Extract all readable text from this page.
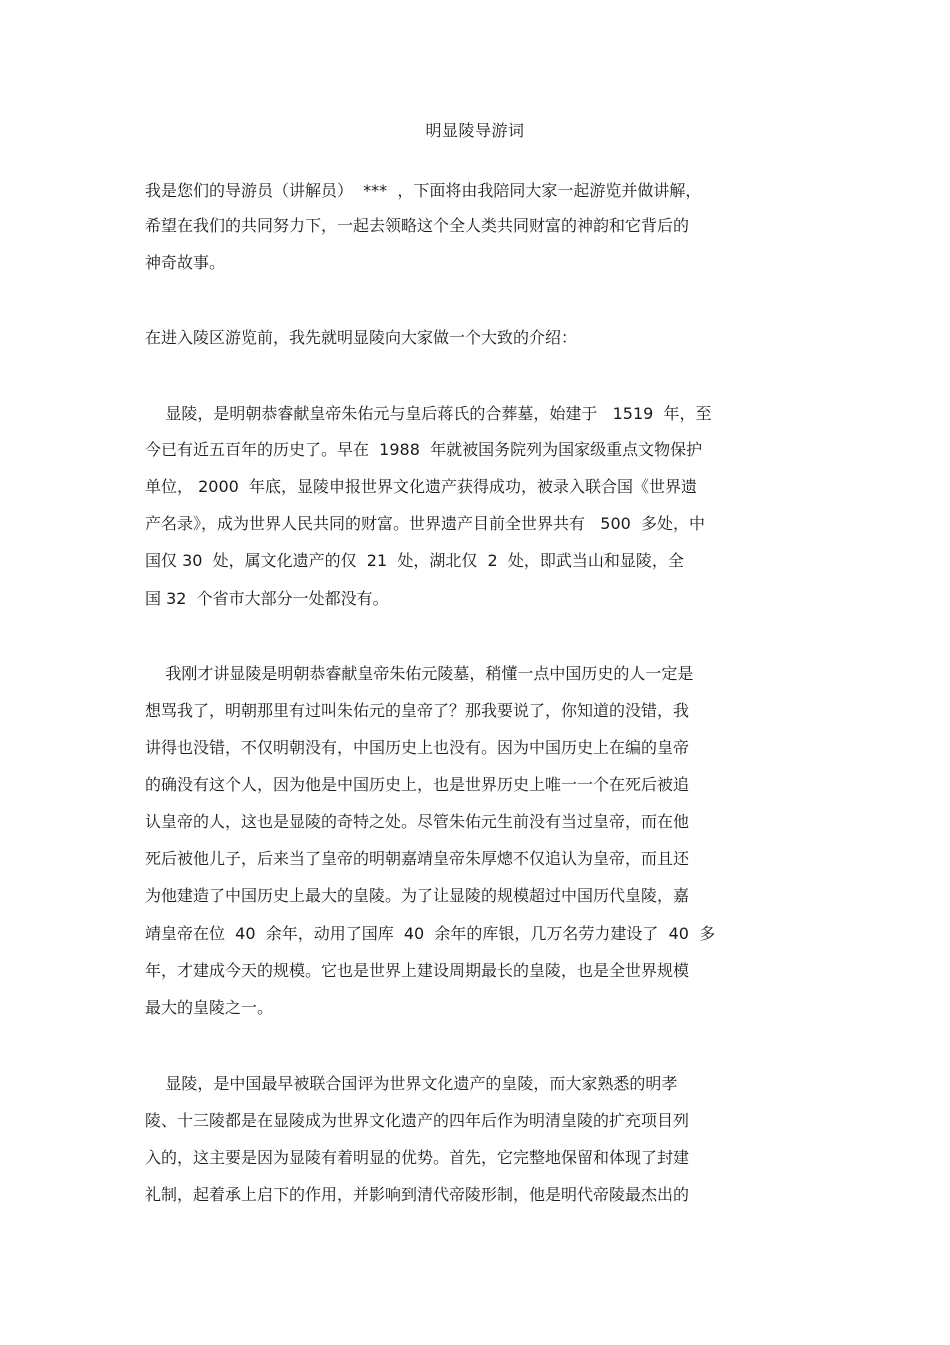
明显陵导游词
我是您们的导游员（讲解员）  ***  ，下面将由我陪同大家一起游览并做讲解，
希望在我们的共同努力下，一起去领略这个全人类共同财富的神韵和它背后的
神奇故事。
在进入陵区游览前，我先就明显陵向大家做一个大致的介绍：
显陵，是明朝恭睿献皇帝朱佑元与皇后蒋氏的合葬墓，始建于   1519  年，至
今已有近五百年的历史了。早在  1988  年就被国务院列为国家级重点文物保护
单位， 2000  年底，显陵申报世界文化遗产获得成功，被录入联合国《世界遗
产名录》，成为世界人民共同的财富。世界遗产目前全世界共有   500  多处，中
国仅 30  处，属文化遗产的仅  21  处，湖北仅  2  处，即武当山和显陵，全
国 32  个省市大部分一处都没有。
我刚才讲显陵是明朝恭睿献皇帝朱佑元陵墓，稍懂一点中国历史的人一定是
想骂我了，明朝那里有过叫朱佑元的皇帝了？那我要说了，你知道的没错，我
讲得也没错，不仅明朝没有，中国历史上也没有。因为中国历史上在编的皇帝
的确没有这个人，因为他是中国历史上，也是世界历史上唯一一个在死后被追
认皇帝的人，这也是显陵的奇特之处。尽管朱佑元生前没有当过皇帝，而在他
死后被他儿子，后来当了皇帝的明朝嘉靖皇帝朱厚熜不仅追认为皇帝，而且还
为他建造了中国历史上最大的皇陵。为了让显陵的规模超过中国历代皇陵，嘉
靖皇帝在位  40  余年，动用了国库  40  余年的库银，几万名劳力建设了  40  多
年，才建成今天的规模。它也是世界上建设周期最长的皇陵，也是全世界规模
最大的皇陵之一。
显陵，是中国最早被联合国评为世界文化遗产的皇陵，而大家熟悉的明孝
陵、十三陵都是在显陵成为世界文化遗产的四年后作为明清皇陵的扩充项目列
入的，这主要是因为显陵有着明显的优势。首先，它完整地保留和体现了封建
礼制，起着承上启下的作用，并影响到清代帝陵形制，他是明代帝陵最杰出的
